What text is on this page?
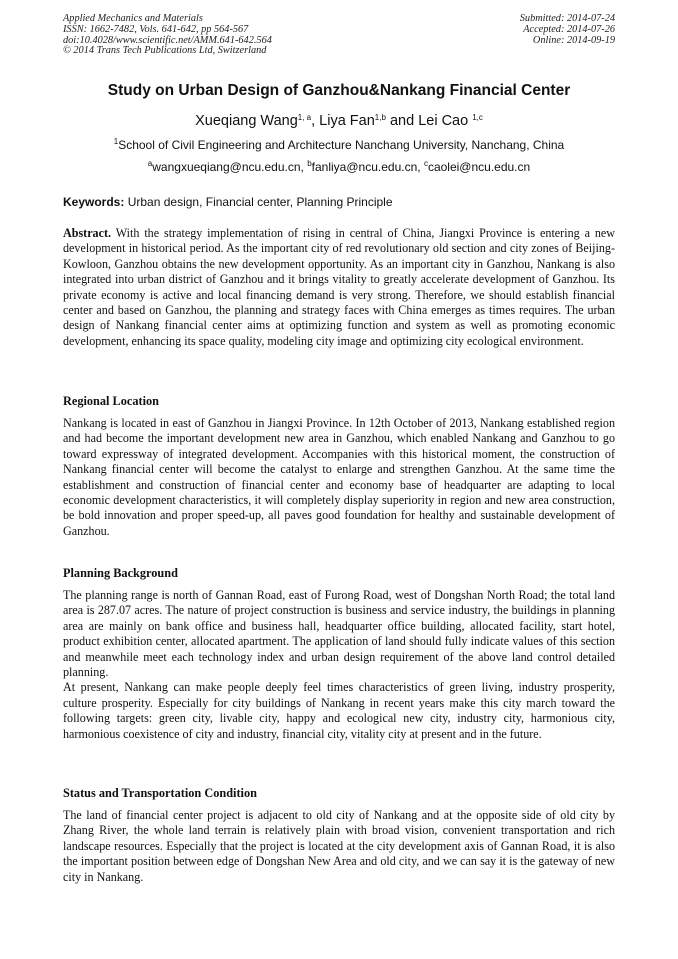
Applied Mechanics and Materials
ISSN: 1662-7482, Vols. 641-642, pp 564-567
doi:10.4028/www.scientific.net/AMM.641-642.564
© 2014 Trans Tech Publications Ltd, Switzerland
Submitted: 2014-07-24
Accepted: 2014-07-26
Online: 2014-09-19
Study on Urban Design of Ganzhou&Nankang Financial Center
Xueqiang Wang$^{1, a}$, Liya Fan$^{1,b}$ and Lei Cao $^{1,c}$
$^1$School of Civil Engineering and Architecture Nanchang University, Nanchang, China
$^a$wangxueqiang@ncu.edu.cn, $^b$fanliya@ncu.edu.cn, $^c$caolei@ncu.edu.cn
Keywords: Urban design, Financial center, Planning Principle

Abstract. With the strategy implementation of rising in central of China, Jiangxi Province is entering a new development in historical period. As the important city of red revolutionary old section and city zones of Beijing-Kowloon, Ganzhou obtains the new development opportunity. As an important city in Ganzhou, Nankang is also integrated into urban district of Ganzhou and it brings vitality to greatly accelerate development of Ganzhou. Its private economy is active and local financing demand is very strong. Therefore, we should establish financial center and based on Ganzhou, the planning and strategy faces with China emerges as times requires. The urban design of Nankang financial center aims at optimizing function and system as well as promoting economic development, enhancing its space quality, modeling city image and optimizing city ecological environment.

Regional Location

Nankang is located in east of Ganzhou in Jiangxi Province. In 12th October of 2013, Nankang established region and had become the important development new area in Ganzhou, which enabled Nankang and Ganzhou to go toward expressway of integrated development. Accompanies with this historical moment, the construction of Nankang financial center will become the catalyst to enlarge and strengthen Ganzhou. At the same time the establishment and construction of financial center and economy base of headquarter are adapting to local economic development characteristics, it will completely display superiority in region and new area construction, be bold innovation and proper speed-up, all paves good foundation for healthy and sustainable development of Ganzhou.

Planning Background

The planning range is north of Gannan Road, east of Furong Road, west of Dongshan North Road; the total land area is 287.07 acres. The nature of project construction is business and service industry, the buildings in planning area are mainly on bank office and business hall, headquarter office building, allocated facility, start hotel, product exhibition center, allocated apartment. The application of land should fully indicate values of this section and meanwhile meet each technology index and urban design requirement of the above land control detailed planning.

At present, Nankang can make people deeply feel times characteristics of green living, industry prosperity, culture prosperity. Especially for city buildings of Nankang in recent years make this city march toward the following targets: green city, livable city, happy and ecological new city, industry city, harmonious city, harmonious coexistence of city and industry, financial city, vitality city at present and in the future.

Status and Transportation Condition

The land of financial center project is adjacent to old city of Nankang and at the opposite side of old city by Zhang River, the whole land terrain is relatively plain with broad vision, convenient transportation and rich landscape resources. Especially that the project is located at the city development axis of Gannan Road, it is also the important position between edge of Dongshan New Area and old city, and we can say it is the gateway of new city in Nankang.
